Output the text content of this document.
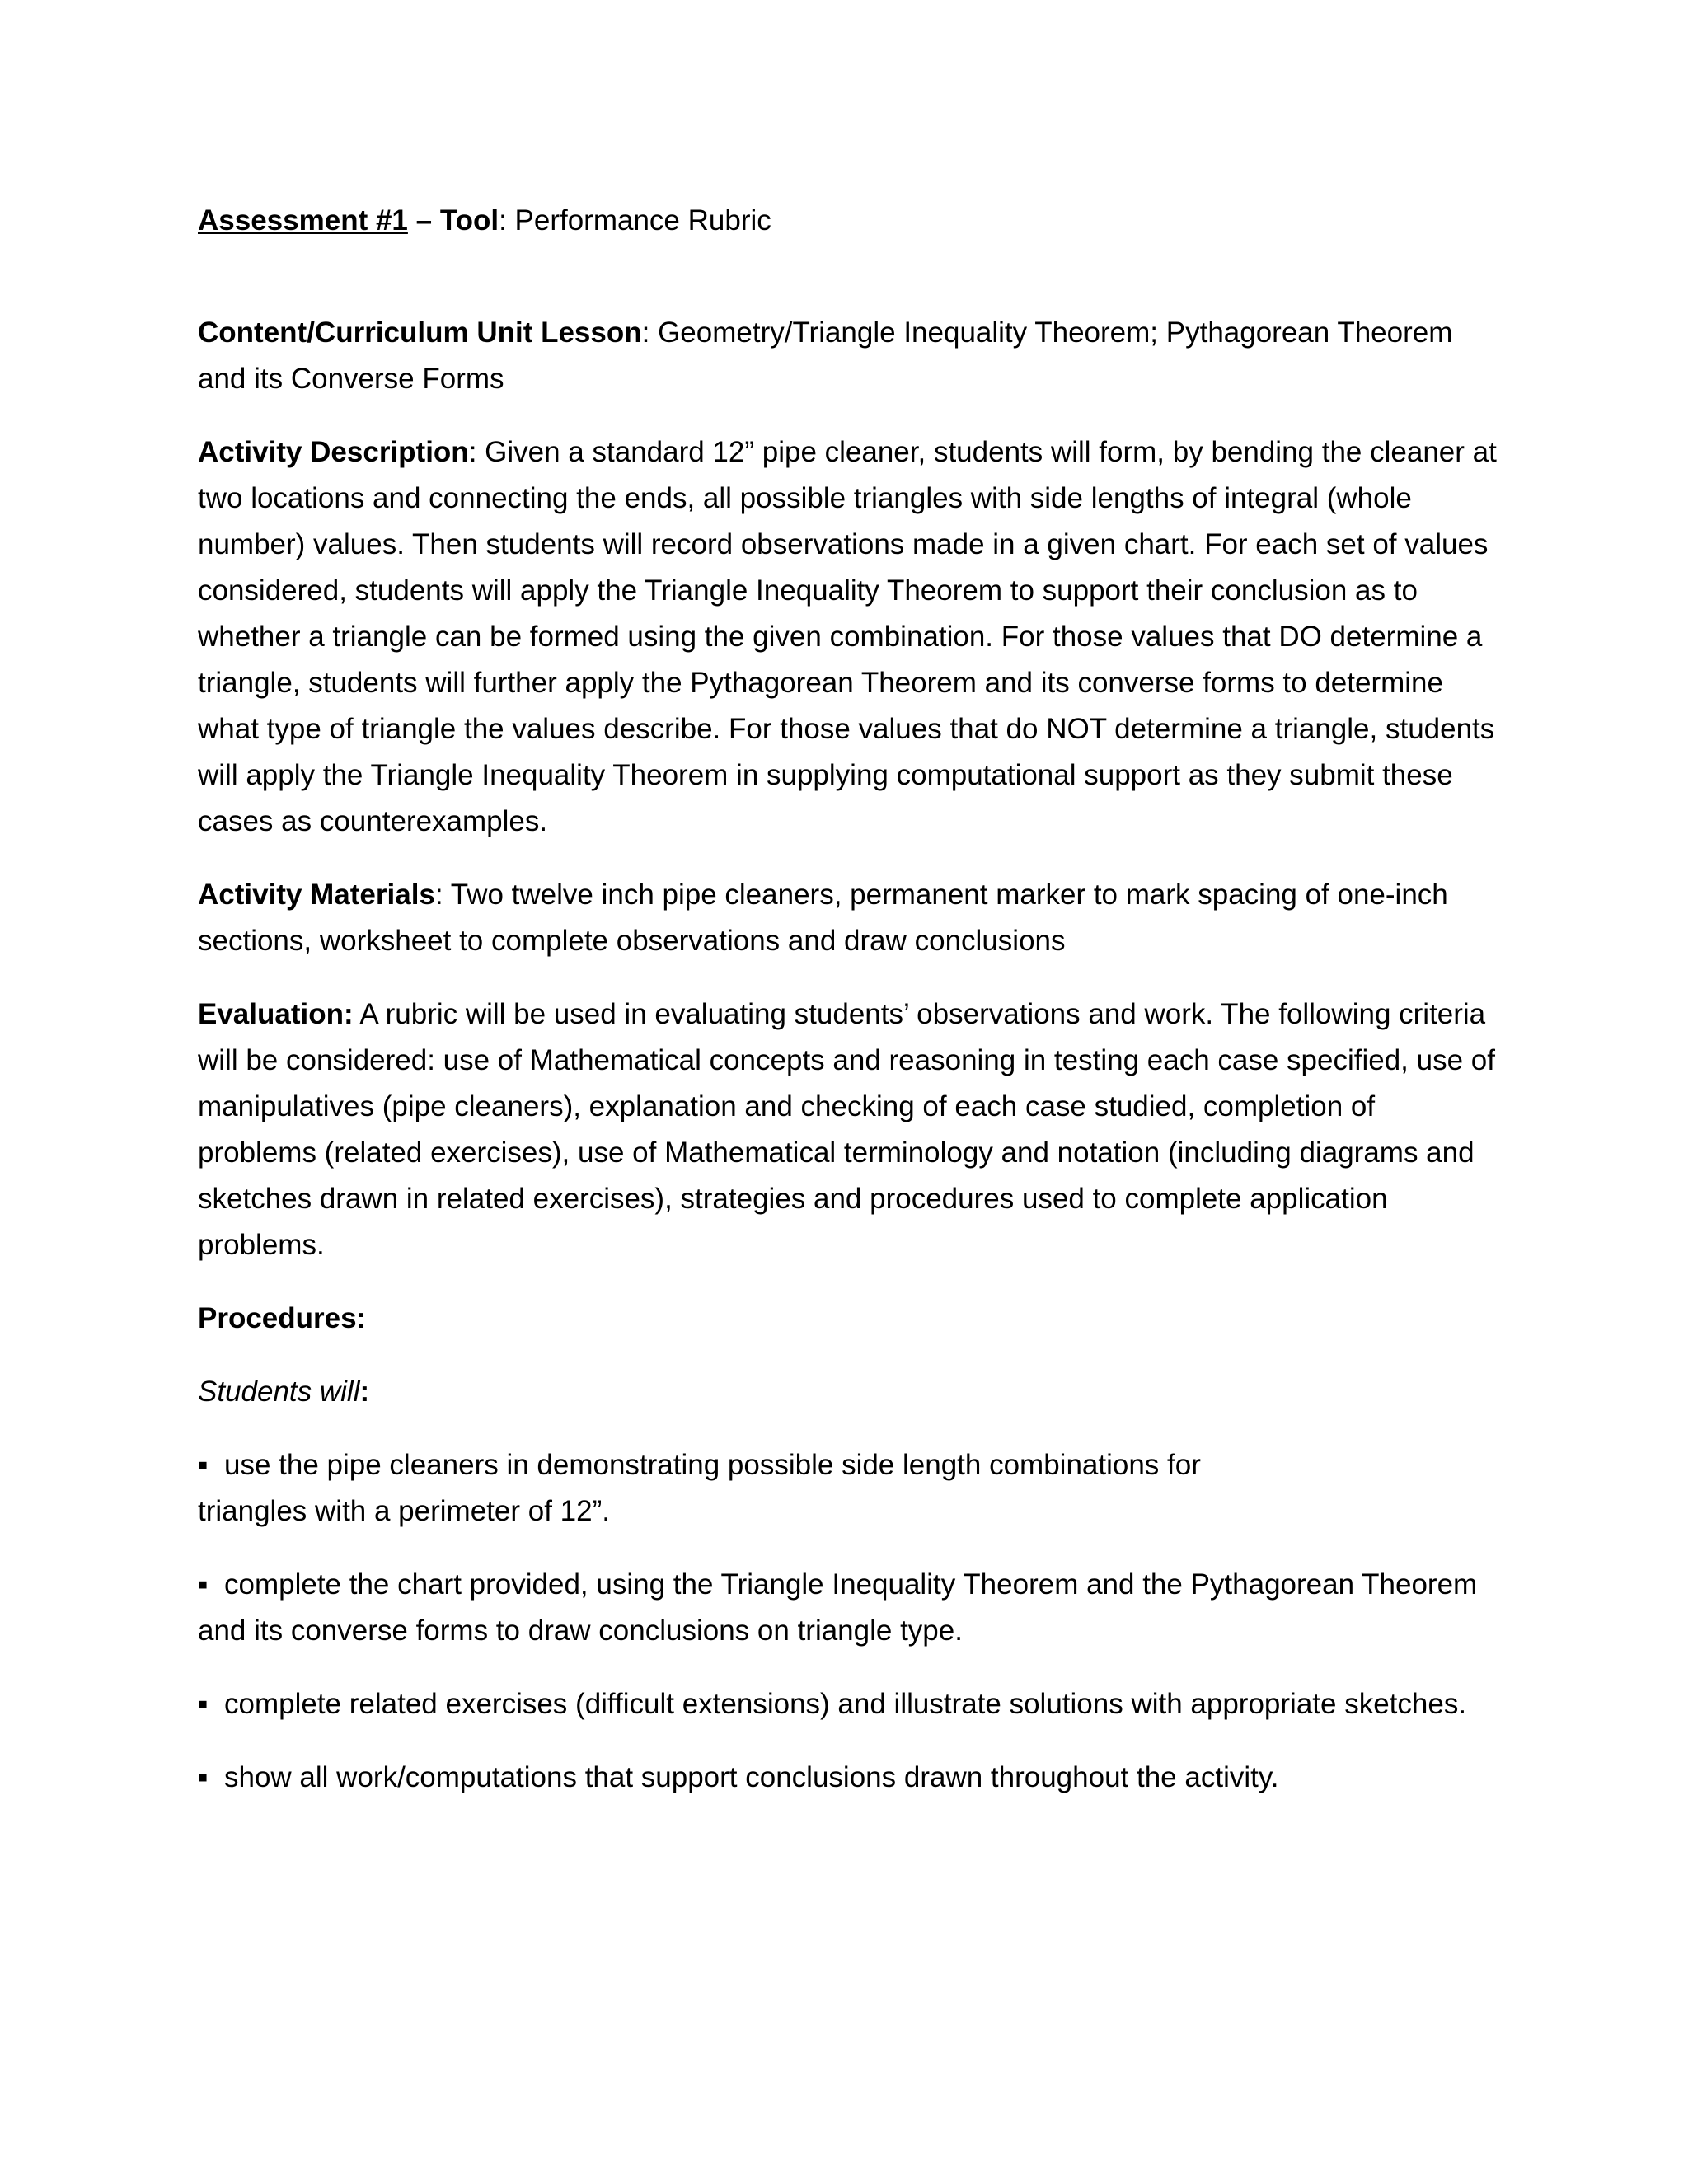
Assessment #1 – Tool: Performance Rubric

Content/Curriculum Unit Lesson: Geometry/Triangle Inequality Theorem; Pythagorean Theorem and its Converse Forms

Activity Description: Given a standard 12” pipe cleaner, students will form, by bending the cleaner at two locations and connecting the ends, all possible triangles with side lengths of integral (whole number) values. Then students will record observations made in a given chart. For each set of values considered, students will apply the Triangle Inequality Theorem to support their conclusion as to whether a triangle can be formed using the given combination. For those values that DO determine a triangle, students will further apply the Pythagorean Theorem and its converse forms to determine what type of triangle the values describe. For those values that do NOT determine a triangle, students will apply the Triangle Inequality Theorem in supplying computational support as they submit these cases as counterexamples.

Activity Materials: Two twelve inch pipe cleaners, permanent marker to mark spacing of one-inch sections, worksheet to complete observations and draw conclusions

Evaluation: A rubric will be used in evaluating students’ observations and work. The following criteria will be considered: use of Mathematical concepts and reasoning in testing each case specified, use of manipulatives (pipe cleaners), explanation and checking of each case studied, completion of problems (related exercises), use of Mathematical terminology and notation (including diagrams and sketches drawn in related exercises), strategies and procedures used to complete application problems.

Procedures:

Students will:

▪ use the pipe cleaners in demonstrating possible side length combinations for
triangles with a perimeter of 12”.

▪ complete the chart provided, using the Triangle Inequality Theorem and the Pythagorean Theorem and its converse forms to draw conclusions on triangle type.

▪ complete related exercises (difficult extensions) and illustrate solutions with appropriate sketches.

▪ show all work/computations that support conclusions drawn throughout the activity.
